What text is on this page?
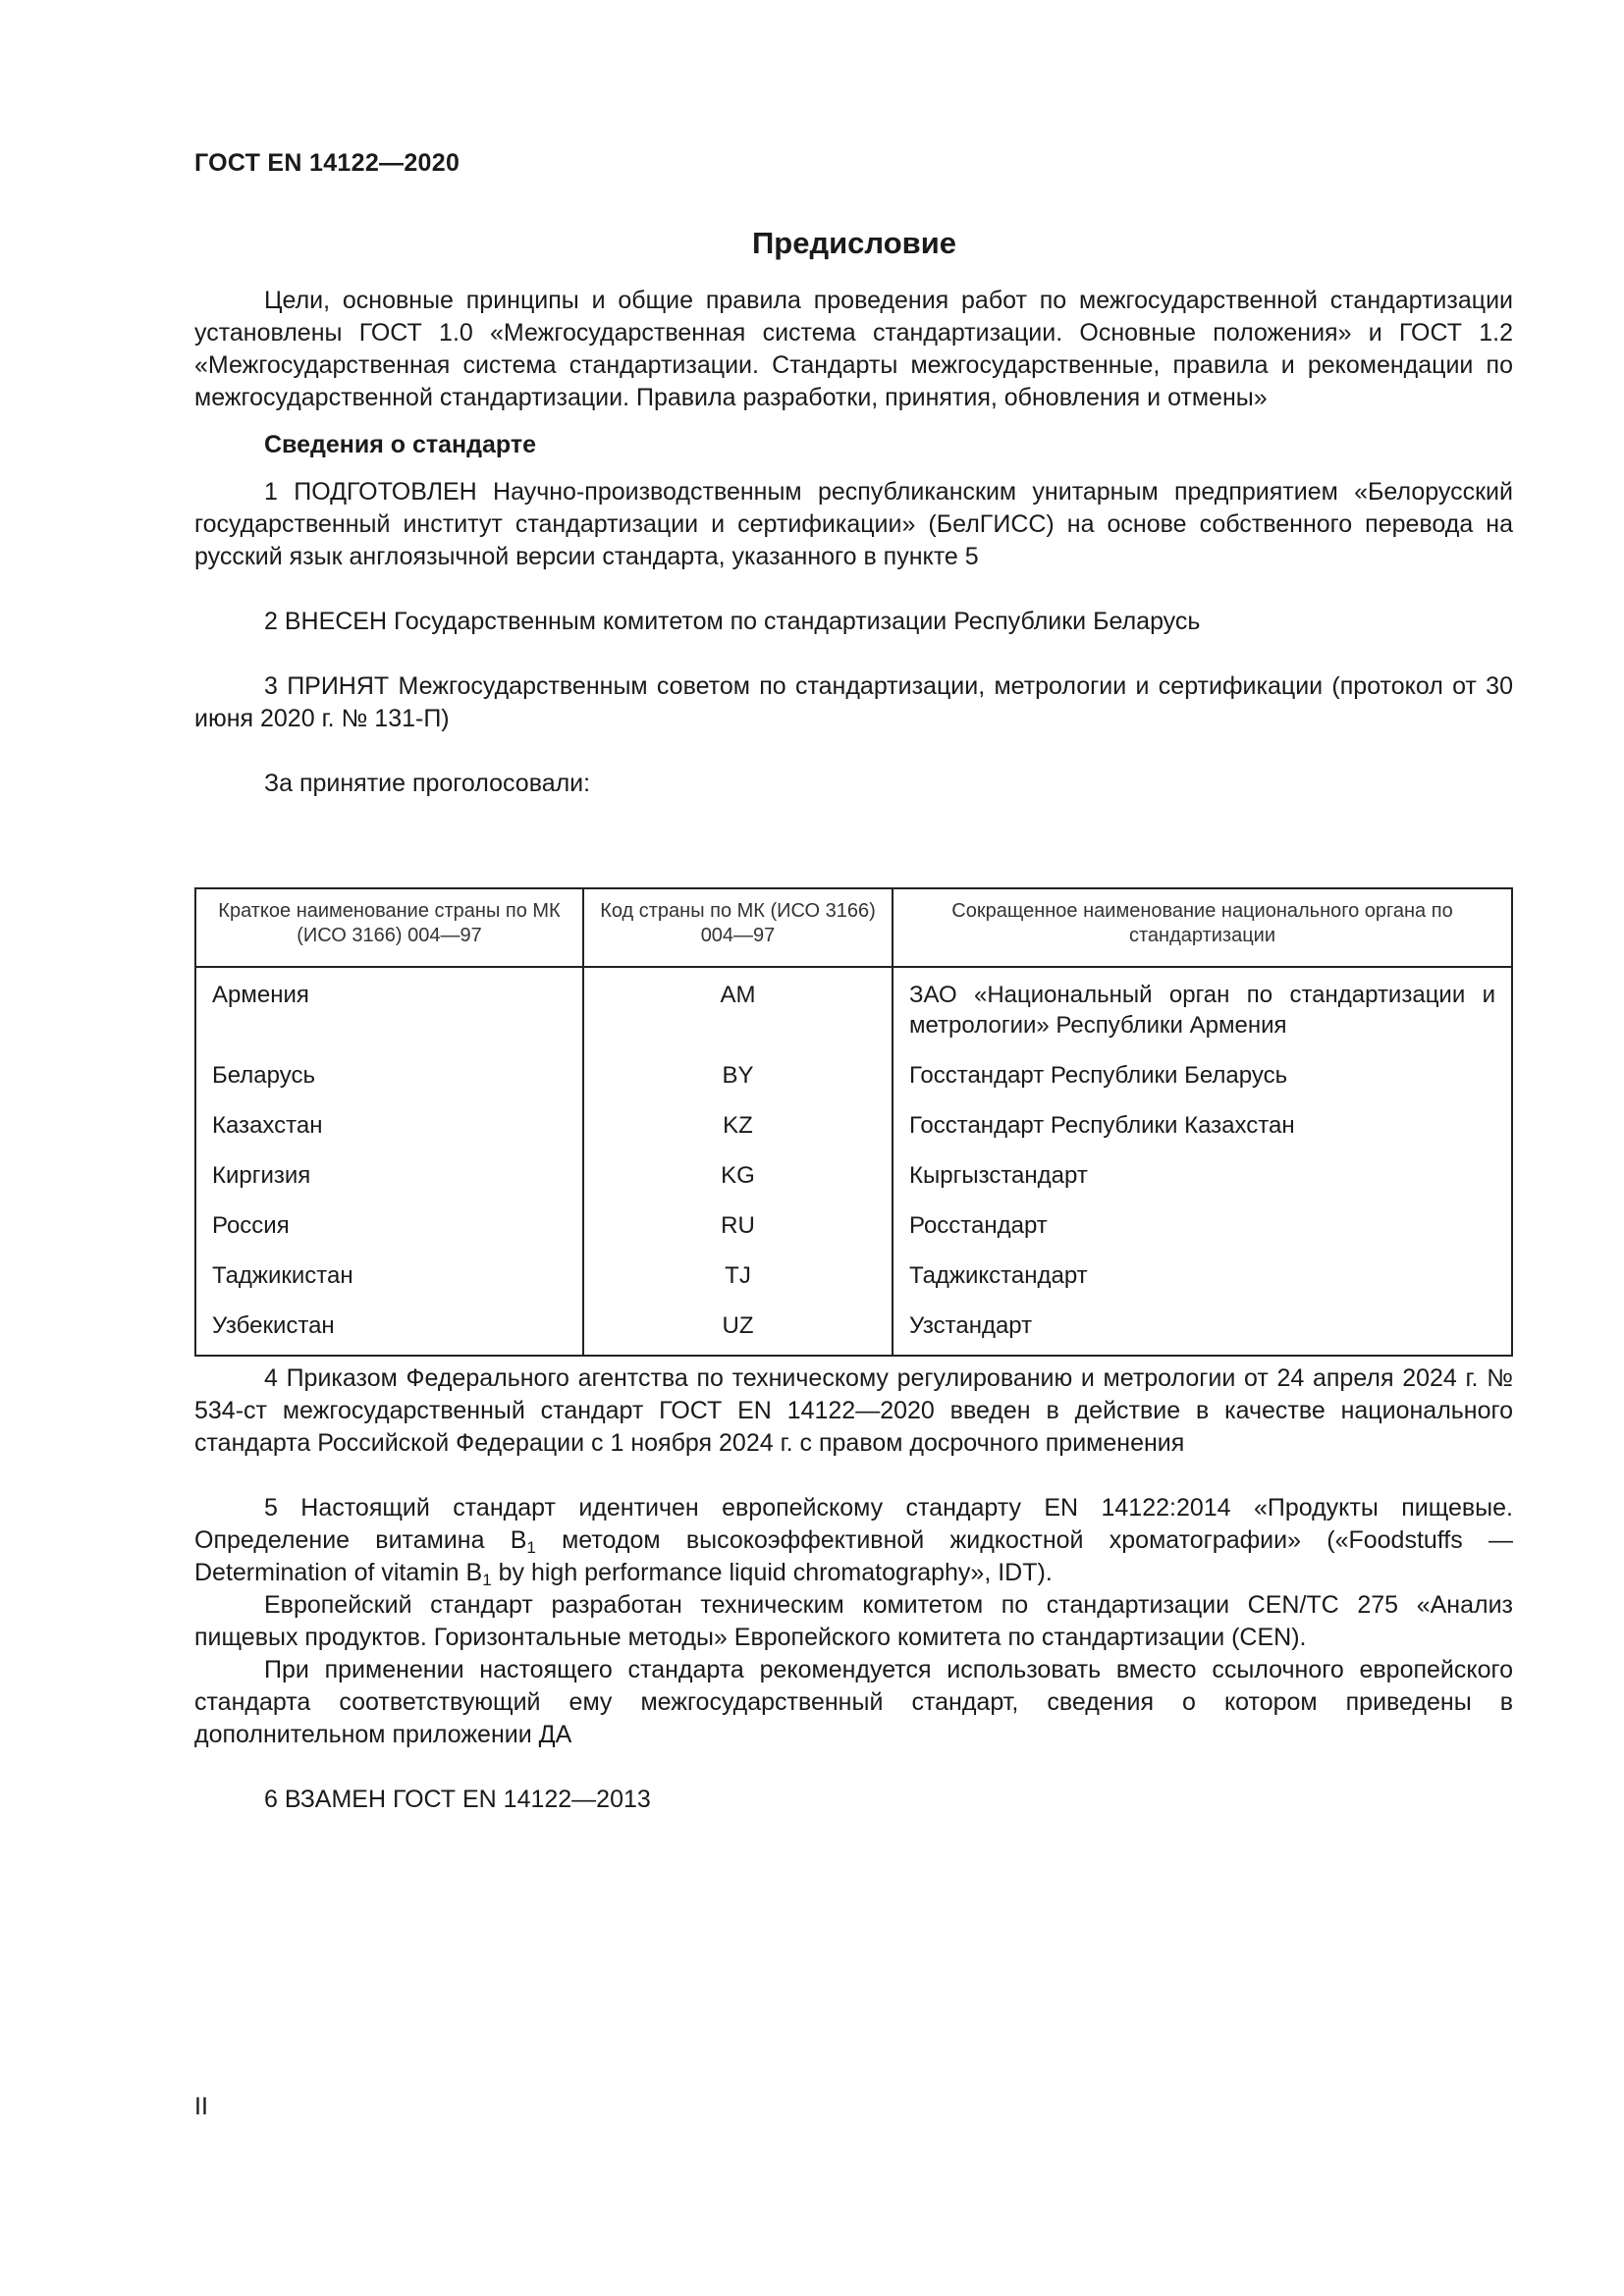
ГОСТ EN 14122—2020
Предисловие

Цели, основные принципы и общие правила проведения работ по межгосударственной стандартизации установлены ГОСТ 1.0 «Межгосударственная система стандартизации. Основные положения» и ГОСТ 1.2 «Межгосударственная система стандартизации. Стандарты межгосударственные, правила и рекомендации по межгосударственной стандартизации. Правила разработки, принятия, обновления и отмены»

Сведения о стандарте

1 ПОДГОТОВЛЕН Научно-производственным республиканским унитарным предприятием «Белорусский государственный институт стандартизации и сертификации» (БелГИСС) на основе собственного перевода на русский язык англоязычной версии стандарта, указанного в пункте 5

2 ВНЕСЕН Государственным комитетом по стандартизации Республики Беларусь

3 ПРИНЯТ Межгосударственным советом по стандартизации, метрологии и сертификации (протокол от 30 июня 2020 г. № 131-П)

За принятие проголосовали:

Краткое наименование страны по МК (ИСО 3166) 004—97	Код страны по МК (ИСО 3166) 004—97	Сокращенное наименование национального органа по стандартизации
Армения	AM	ЗАО «Национальный орган по стандартизации и метрологии» Республики Армения
Беларусь	BY	Госстандарт Республики Беларусь
Казахстан	KZ	Госстандарт Республики Казахстан
Киргизия	KG	Кыргызстандарт
Россия	RU	Росстандарт
Таджикистан	TJ	Таджикстандарт
Узбекистан	UZ	Узстандарт

4 Приказом Федерального агентства по техническому регулированию и метрологии от 24 апреля 2024 г. № 534-ст межгосударственный стандарт ГОСТ EN 14122—2020 введен в действие в качестве национального стандарта Российской Федерации с 1 ноября 2024 г. с правом досрочного применения

5 Настоящий стандарт идентичен европейскому стандарту EN 14122:2014 «Продукты пищевые. Определение витамина $B_1$ методом высокоэффективной жидкостной хроматографии» («Foodstuffs — Determination of vitamin $B_1$ by high performance liquid chromatography», IDT).

Европейский стандарт разработан техническим комитетом по стандартизации CEN/TC 275 «Анализ пищевых продуктов. Горизонтальные методы» Европейского комитета по стандартизации (CEN).

При применении настоящего стандарта рекомендуется использовать вместо ссылочного европейского стандарта соответствующий ему межгосударственный стандарт, сведения о котором приведены в дополнительном приложении ДА

6 ВЗАМЕН ГОСТ EN 14122—2013

II
